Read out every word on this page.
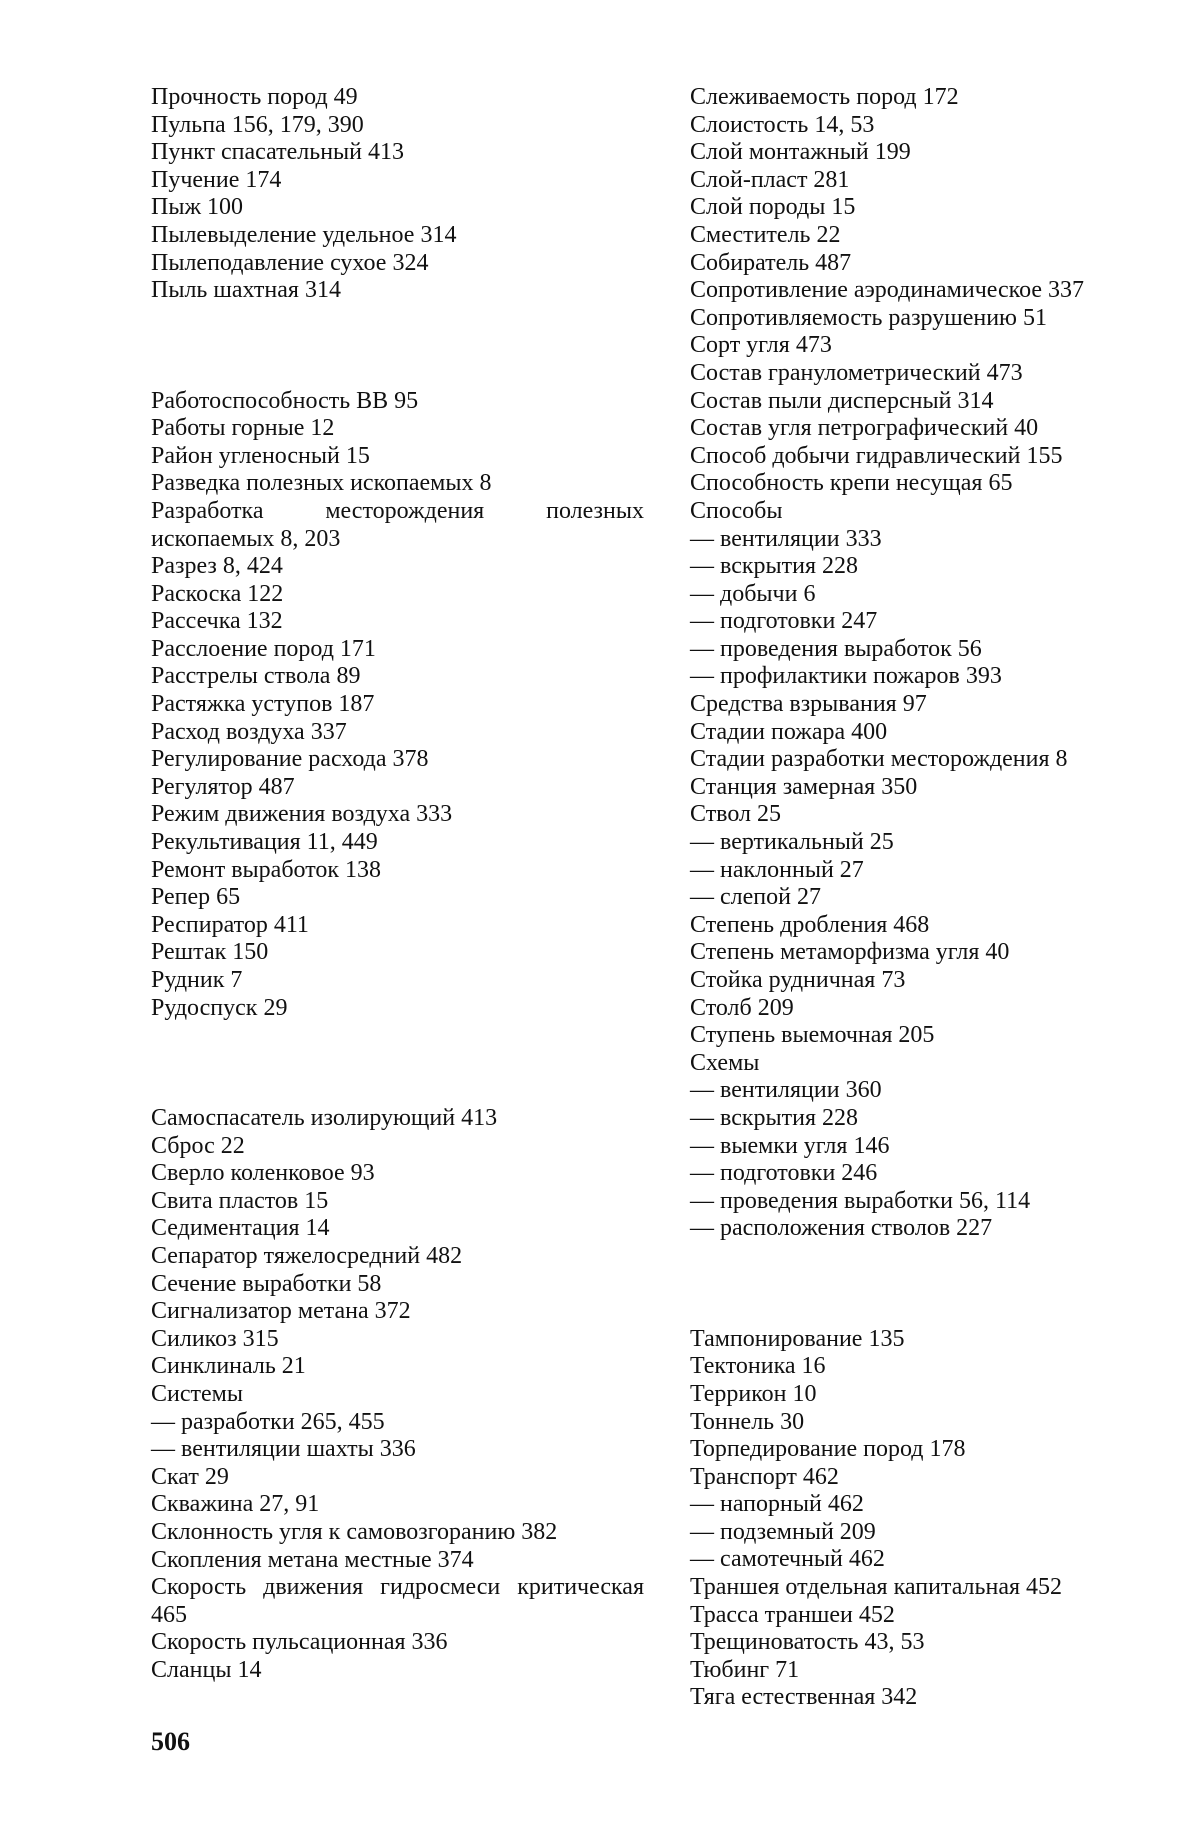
Прочность пород 49
Пульпа 156, 179, 390
Пункт спасательный 413
Пучение 174
Пыж 100
Пылевыделение удельное 314
Пылеподавление сухое 324
Пыль шахтная 314
Работоспособность ВВ 95
Работы горные 12
Район угленосный 15
Разведка полезных ископаемых 8
Разработка месторождения полезных ископаемых 8, 203
Разрез 8, 424
Раскоска 122
Рассечка 132
Расслоение пород 171
Расстрелы ствола 89
Растяжка уступов 187
Расход воздуха 337
Регулирование расхода 378
Регулятор 487
Режим движения воздуха 333
Рекультивация 11, 449
Ремонт выработок 138
Репер 65
Респиратор 411
Рештак 150
Рудник 7
Рудоспуск 29
Самоспасатель изолирующий 413
Сброс 22
Сверло коленковое 93
Свита пластов 15
Седиментация 14
Сепаратор тяжелосредний 482
Сечение выработки 58
Сигнализатор метана 372
Силикоз 315
Синклиналь 21
Системы
— разработки 265, 455
— вентиляции шахты 336
Скат 29
Скважина 27, 91
Склонность угля к самовозгоранию 382
Скопления метана местные 374
Скорость движения гидросмеси критическая 465
Скорость пульсационная 336
Сланцы 14
Слеживаемость пород 172
Слоистость 14, 53
Слой монтажный 199
Слой-пласт 281
Слой породы 15
Сместитель 22
Собиратель 487
Сопротивление аэродинамическое 337
Сопротивляемость разрушению 51
Сорт угля 473
Состав гранулометрический 473
Состав пыли дисперсный 314
Состав угля петрографический 40
Способ добычи гидравлический 155
Способность крепи несущая 65
Способы
— вентиляции 333
— вскрытия 228
— добычи 6
— подготовки 247
— проведения выработок 56
— профилактики пожаров 393
Средства взрывания 97
Стадии пожара 400
Стадии разработки месторождения 8
Станция замерная 350
Ствол 25
— вертикальный 25
— наклонный 27
— слепой 27
Степень дробления 468
Степень метаморфизма угля 40
Стойка рудничная 73
Столб 209
Ступень выемочная 205
Схемы
— вентиляции 360
— вскрытия 228
— выемки угля 146
— подготовки 246
— проведения выработки 56, 114
— расположения стволов 227
Тампонирование 135
Тектоника 16
Террикон 10
Тоннель 30
Торпедирование пород 178
Транспорт 462
— напорный 462
— подземный 209
— самотечный 462
Траншея отдельная капитальная 452
Трасса траншеи 452
Трещиноватость 43, 53
Тюбинг 71
Тяга естественная 342
506
